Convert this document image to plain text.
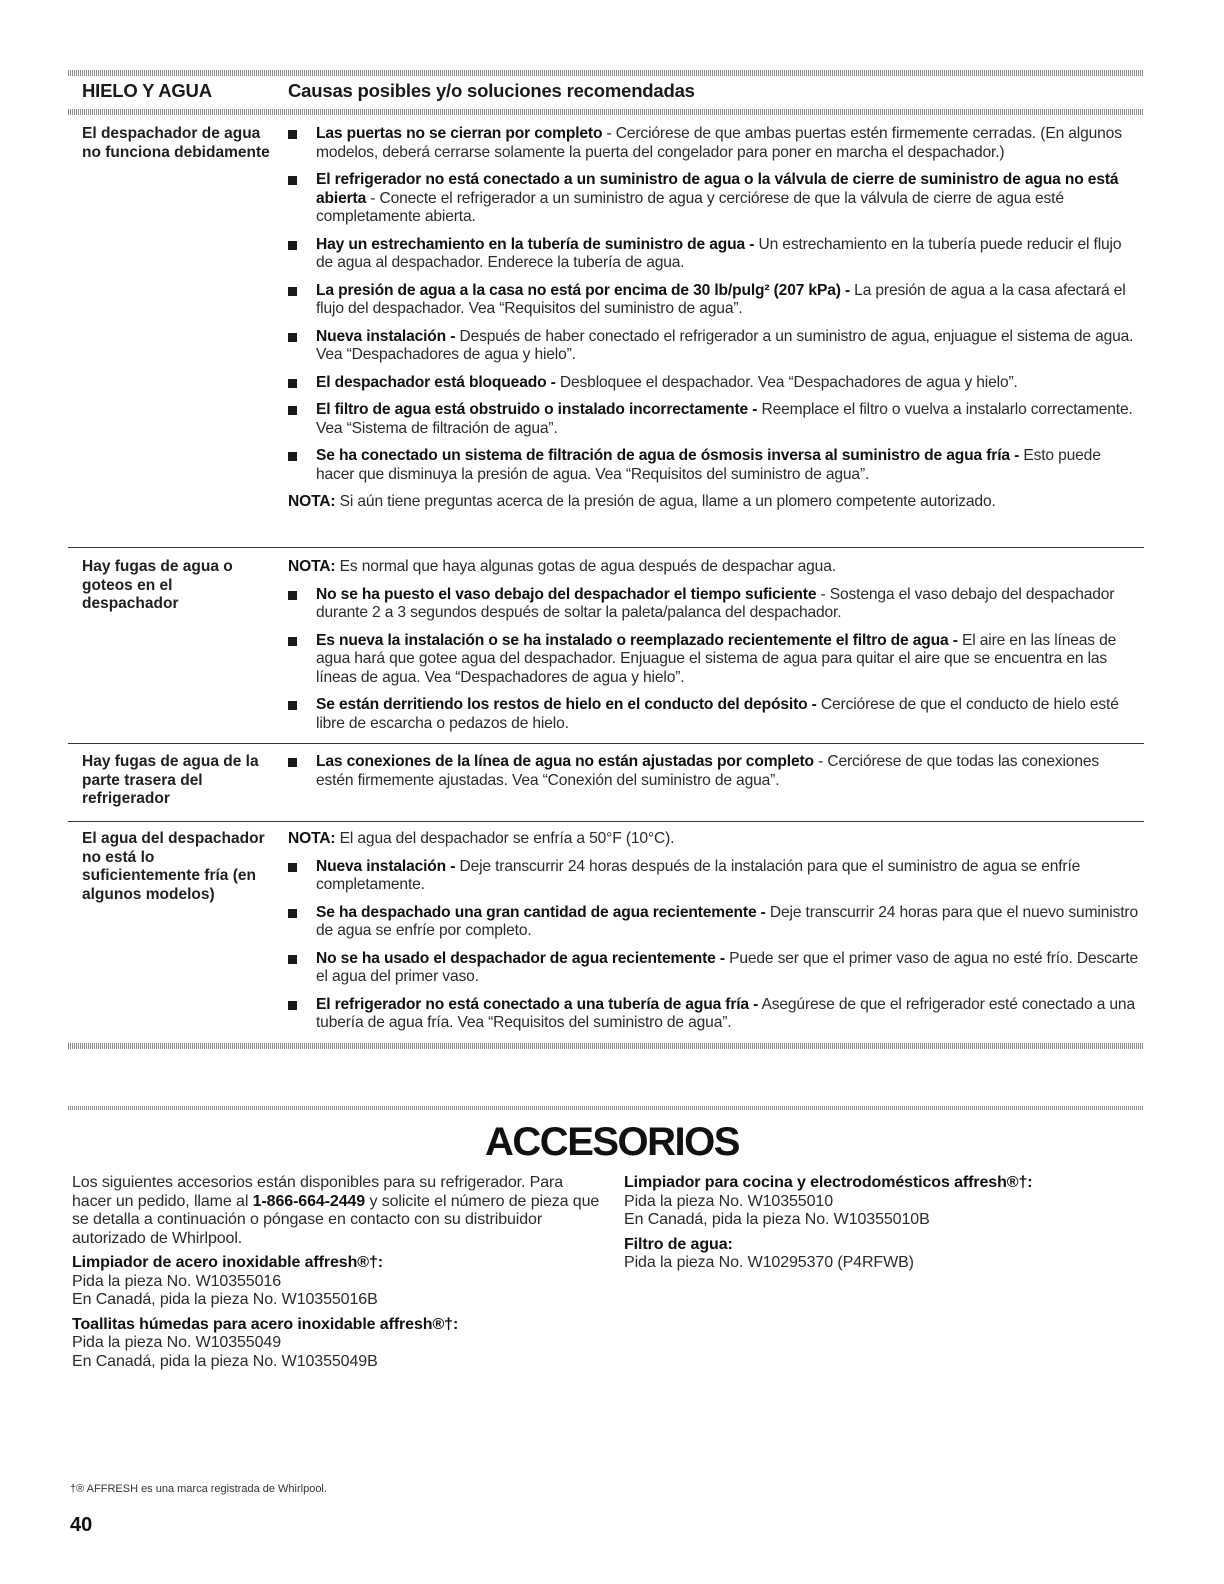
HIELO Y AGUA	Causas posibles y/o soluciones recomendadas
El despachador de agua no funciona debidamente
Las puertas no se cierran por completo - Cerciórese de que ambas puertas estén firmemente cerradas. (En algunos modelos, deberá cerrarse solamente la puerta del congelador para poner en marcha el despachador.)
El refrigerador no está conectado a un suministro de agua o la válvula de cierre de suministro de agua no está abierta - Conecte el refrigerador a un suministro de agua y cerciórese de que la válvula de cierre de agua esté completamente abierta.
Hay un estrechamiento en la tubería de suministro de agua - Un estrechamiento en la tubería puede reducir el flujo de agua al despachador. Enderece la tubería de agua.
La presión de agua a la casa no está por encima de 30 lb/pulg² (207 kPa) - La presión de agua a la casa afectará el flujo del despachador. Vea “Requisitos del suministro de agua”.
Nueva instalación - Después de haber conectado el refrigerador a un suministro de agua, enjuague el sistema de agua. Vea “Despachadores de agua y hielo”.
El despachador está bloqueado - Desbloquee el despachador. Vea “Despachadores de agua y hielo”.
El filtro de agua está obstruido o instalado incorrectamente - Reemplace el filtro o vuelva a instalarlo correctamente. Vea “Sistema de filtración de agua”.
Se ha conectado un sistema de filtración de agua de ósmosis inversa al suministro de agua fría - Esto puede hacer que disminuya la presión de agua. Vea “Requisitos del suministro de agua”.
NOTA: Si aún tiene preguntas acerca de la presión de agua, llame a un plomero competente autorizado.
Hay fugas de agua o goteos en el despachador
NOTA: Es normal que haya algunas gotas de agua después de despachar agua.
No se ha puesto el vaso debajo del despachador el tiempo suficiente - Sostenga el vaso debajo del despachador durante 2 a 3 segundos después de soltar la paleta/palanca del despachador.
Es nueva la instalación o se ha instalado o reemplazado recientemente el filtro de agua - El aire en las líneas de agua hará que gotee agua del despachador. Enjuague el sistema de agua para quitar el aire que se encuentra en las líneas de agua. Vea “Despachadores de agua y hielo”.
Se están derritiendo los restos de hielo en el conducto del depósito - Cerciórese de que el conducto de hielo esté libre de escarcha o pedazos de hielo.
Hay fugas de agua de la parte trasera del refrigerador
Las conexiones de la línea de agua no están ajustadas por completo - Cerciórese de que todas las conexiones estén firmemente ajustadas. Vea “Conexión del suministro de agua”.
El agua del despachador no está lo suficientemente fría (en algunos modelos)
NOTA: El agua del despachador se enfría a 50°F (10°C).
Nueva instalación - Deje transcurrir 24 horas después de la instalación para que el suministro de agua se enfríe completamente.
Se ha despachado una gran cantidad de agua recientemente - Deje transcurrir 24 horas para que el nuevo suministro de agua se enfríe por completo.
No se ha usado el despachador de agua recientemente - Puede ser que el primer vaso de agua no esté frío. Descarte el agua del primer vaso.
El refrigerador no está conectado a una tubería de agua fría - Asegúrese de que el refrigerador esté conectado a una tubería de agua fría. Vea “Requisitos del suministro de agua”.
ACCESORIOS

Los siguientes accesorios están disponibles para su refrigerador. Para hacer un pedido, llame al 1-866-664-2449 y solicite el número de pieza que se detalla a continuación o póngase en contacto con su distribuidor autorizado de Whirlpool.

Limpiador de acero inoxidable affresh®†:
Pida la pieza No. W10355016
En Canadá, pida la pieza No. W10355016B

Toallitas húmedas para acero inoxidable affresh®†:
Pida la pieza No. W10355049
En Canadá, pida la pieza No. W10355049B

Limpiador para cocina y electrodomésticos affresh®†:
Pida la pieza No. W10355010
En Canadá, pida la pieza No. W10355010B

Filtro de agua:
Pida la pieza No. W10295370 (P4RFWB)

†® AFFRESH es una marca registrada de Whirlpool.
40
